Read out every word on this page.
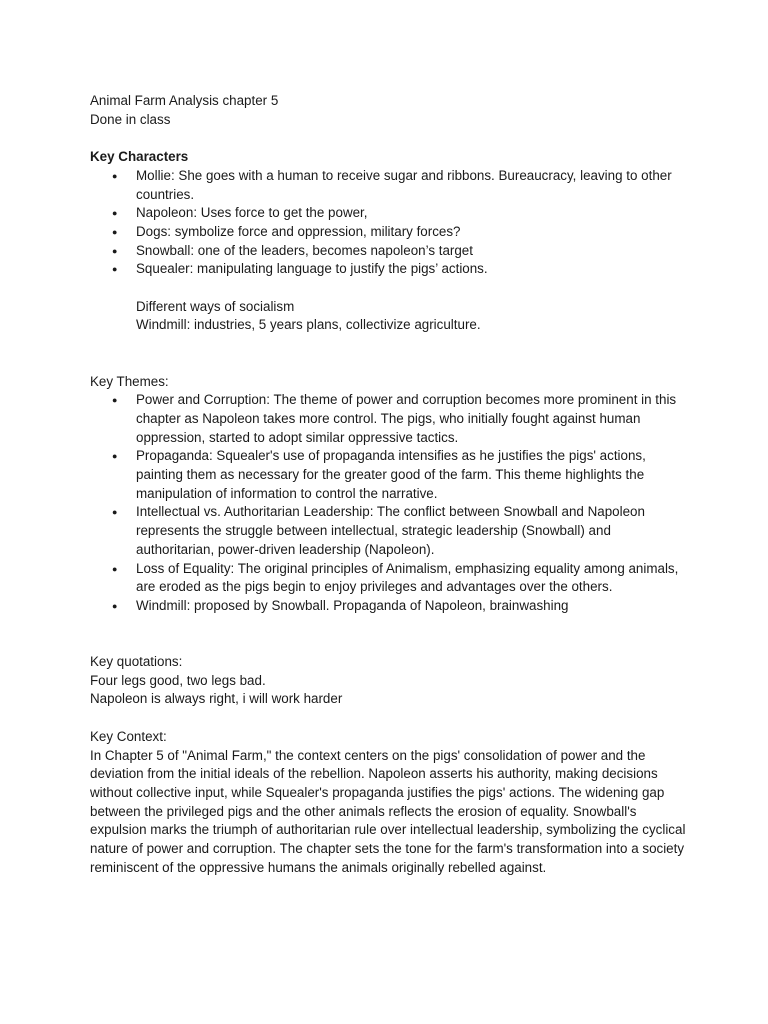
Animal Farm Analysis chapter 5

Done in class

Key Characters

● Mollie: She goes with a human to receive sugar and ribbons. Bureaucracy, leaving to other countries.
● Napoleon: Uses force to get the power,
● Dogs: symbolize force and oppression, military forces?
● Snowball: one of the leaders, becomes napoleon’s target
● Squealer: manipulating language to justify the pigs’ actions.

Different ways of socialism

Windmill: industries, 5 years plans, collectivize agriculture.

Key Themes:

● Power and Corruption: The theme of power and corruption becomes more prominent in this chapter as Napoleon takes more control. The pigs, who initially fought against human oppression, started to adopt similar oppressive tactics.
● Propaganda: Squealer's use of propaganda intensifies as he justifies the pigs' actions, painting them as necessary for the greater good of the farm. This theme highlights the manipulation of information to control the narrative.
● Intellectual vs. Authoritarian Leadership: The conflict between Snowball and Napoleon represents the struggle between intellectual, strategic leadership (Snowball) and authoritarian, power-driven leadership (Napoleon).
● Loss of Equality: The original principles of Animalism, emphasizing equality among animals, are eroded as the pigs begin to enjoy privileges and advantages over the others.
● Windmill: proposed by Snowball. Propaganda of Napoleon, brainwashing

Key quotations:

Four legs good, two legs bad.

Napoleon is always right, i will work harder

Key Context:

In Chapter 5 of "Animal Farm," the context centers on the pigs' consolidation of power and the deviation from the initial ideals of the rebellion. Napoleon asserts his authority, making decisions without collective input, while Squealer's propaganda justifies the pigs' actions. The widening gap between the privileged pigs and the other animals reflects the erosion of equality. Snowball's expulsion marks the triumph of authoritarian rule over intellectual leadership, symbolizing the cyclical nature of power and corruption. The chapter sets the tone for the farm's transformation into a society reminiscent of the oppressive humans the animals originally rebelled against.
